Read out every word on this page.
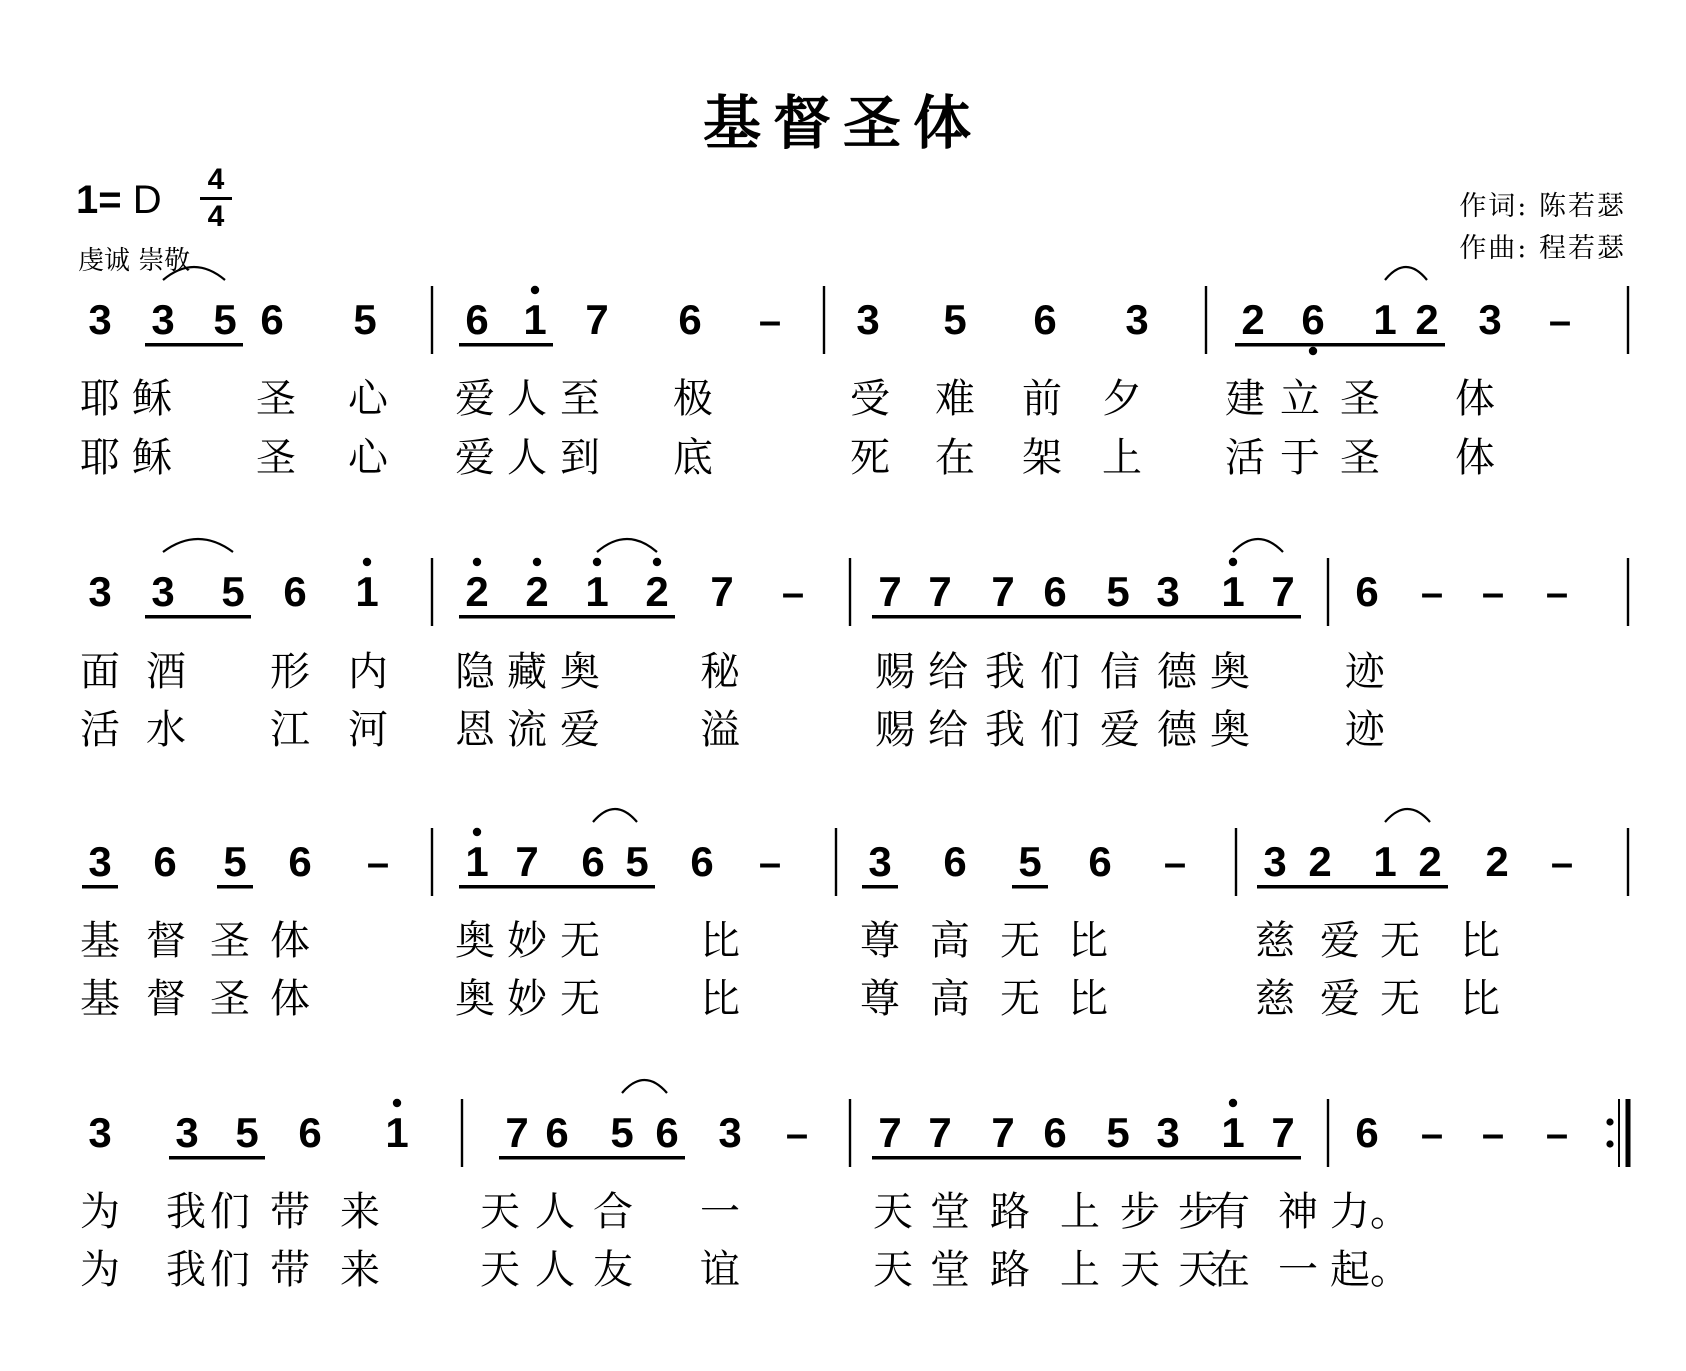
基督圣体
1= D 4
4
虔诚 崇敬
作词: 陈若瑟
作曲: 程若瑟
3 3 5 6 5 6 1 7 6 – 3 5 6 3 2 6 1 2 3 –
3 3 5 6 1 2 2 1 2 7 – 7 7 7 6 5 3 1 7 6 – – –
3 6 5 6 – 1 7 6 5 6 – 3 6 5 6 – 3 2 1 2 2 –
3 3 5 6 1 7 6 5 6 3 – 7 7 7 6 5 3 1 7 6 – – –
耶 稣 圣 心 爱 人 至 极	受 难 前 夕 建 立 圣 体
耶 稣 圣 心 爱 人 到 底	死 在 架 上 活 于 圣 体
面 酒 形 内 隐 藏 奥	秘	赐 给 我 们 信 德 奥 迹
活 水 江 河 恩 流 爱	溢	赐 给 我 们 爱 德 奥 迹
基 督 圣 体	奥 妙 无	比	尊 高 无 比	慈 爱 无 比
基 督 圣 体	奥 妙 无	比	尊 高 无 比	慈 爱 无 比
为 我 们 带 来	天 人 合 一	天 堂 路 上 步 步
有 神 力。
为 我 们 带 来	天 人 友 谊	天 堂 路 上 天 天
在 一 起。
